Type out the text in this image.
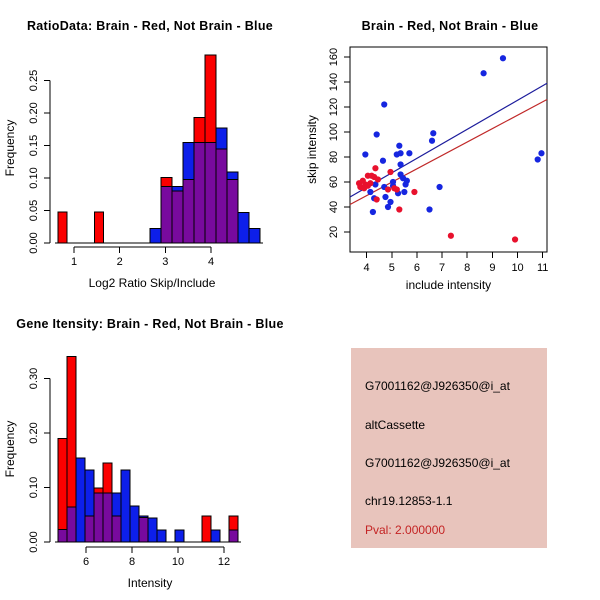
RatioData: Brain - Red, Not Brain - Blue
0.00
0.05
0.10
0.15
0.20
0.25
1	2	3	4
Log2 Ratio Skip/Include
Frequency
Brain - Red, Not Brain - Blue
4 5 6 7 8 9 10 11
20
40
60
80
100
120
140
160
include intensity
skip intensity
Gene Itensity: Brain - Red, Not Brain - Blue
0.00
0.10
0.20
0.30
6	8	10	12
Intensity
Frequency
G7001162@J926350@i_at
altCassette
G7001162@J926350@i_at
chr19.12853-1.1
Pval: 2.000000
